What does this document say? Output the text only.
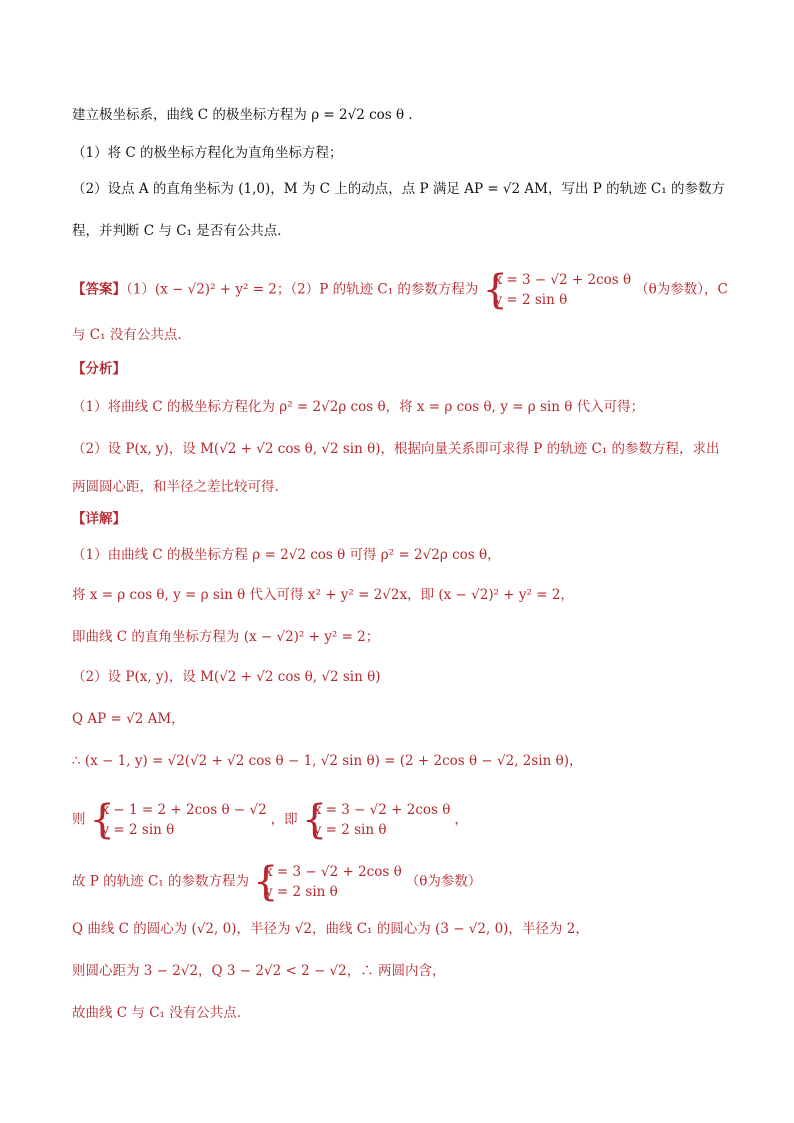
建立极坐标系，曲线 C 的极坐标方程为 ρ = 2√2 cos θ ．
（1）将 C 的极坐标方程化为直角坐标方程；
（2）设点 A 的直角坐标为 (1,0)，M 为 C 上的动点，点 P 满足 AP = √2 AM，写出 P 的轨迹 C₁ 的参数方
程，并判断 C 与 C₁ 是否有公共点．
【答案】（1）(x − √2)² + y² = 2；（2）P 的轨迹 C₁ 的参数方程为 {
x = 3 − √2 + 2cos θ
y = 2 sin θ
（θ为参数），C
与 C₁ 没有公共点.
【分析】
（1）将曲线 C 的极坐标方程化为 ρ² = 2√2ρ cos θ，将 x = ρ cos θ, y = ρ sin θ 代入可得；
（2）设 P(x, y)，设 M(√2 + √2 cos θ, √2 sin θ)，根据向量关系即可求得 P 的轨迹 C₁ 的参数方程，求出
两圆圆心距，和半径之差比较可得.
【详解】
（1）由曲线 C 的极坐标方程 ρ = 2√2 cos θ 可得 ρ² = 2√2ρ cos θ，
将 x = ρ cos θ, y = ρ sin θ 代入可得 x² + y² = 2√2x，即 (x − √2)² + y² = 2，
即曲线 C 的直角坐标方程为 (x − √2)² + y² = 2；
（2）设 P(x, y)，设 M(√2 + √2 cos θ, √2 sin θ)
Q AP = √2 AM，
∴ (x − 1, y) = √2(√2 + √2 cos θ − 1, √2 sin θ) = (2 + 2cos θ − √2, 2sin θ)，
则 {
x − 1 = 2 + 2cos θ − √2
y = 2 sin θ
，即 {
x = 3 − √2 + 2cos θ
y = 2 sin θ
，
故 P 的轨迹 C₁ 的参数方程为 {
x = 3 − √2 + 2cos θ
y = 2 sin θ
（θ为参数）
Q 曲线 C 的圆心为 (√2, 0)，半径为 √2，曲线 C₁ 的圆心为 (3 − √2, 0)，半径为 2，
则圆心距为 3 − 2√2，Q 3 − 2√2 < 2 − √2，∴ 两圆内含，
故曲线 C 与 C₁ 没有公共点.
